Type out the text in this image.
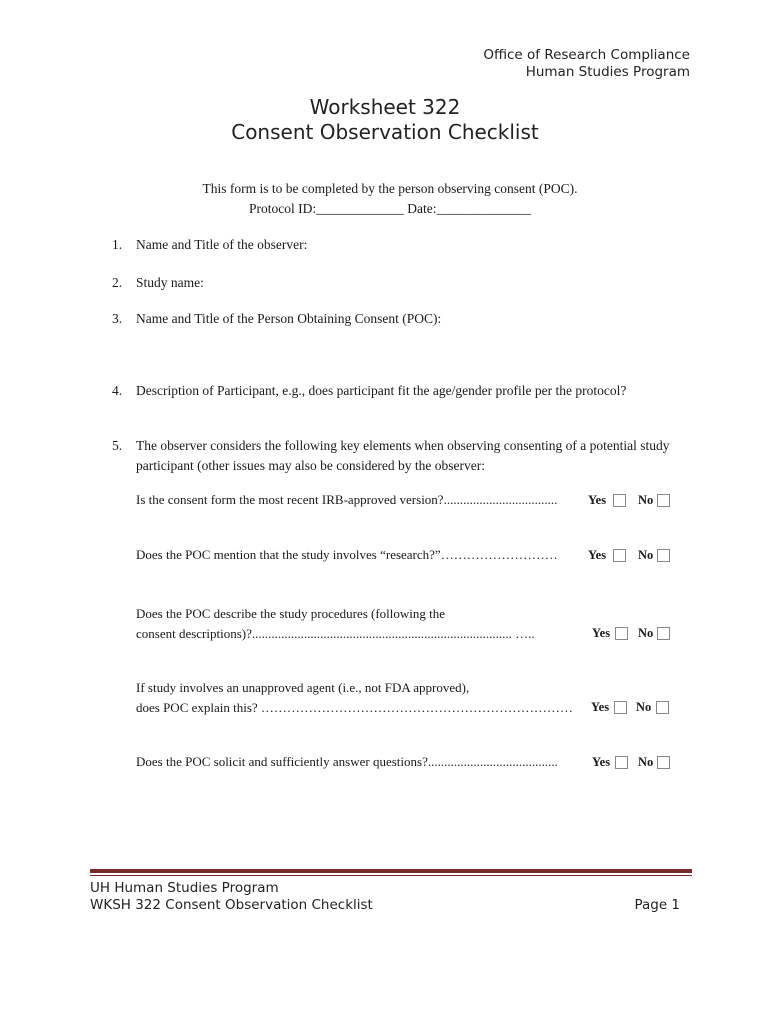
Office of Research Compliance
Human Studies Program
Worksheet 322
Consent Observation Checklist
This form is to be completed by the person observing consent (POC).
Protocol ID:_____________ Date:______________
1. Name and Title of the observer:
2. Study name:
3. Name and Title of the Person Obtaining Consent (POC):
4. Description of Participant, e.g., does participant fit the age/gender profile per the protocol?
5.	The observer considers the following key elements when observing consenting of a potential study participant (other issues may also be considered by the observer:
Is the consent form the most recent IRB-approved version?................................... Yes	No
Does the POC mention that the study involves “research?”……………………… Yes	No
Does the POC describe the study procedures (following the
consent descriptions)?................................................................................ …..	Yes No
If study involves an unapproved agent (i.e., not FDA approved),
does POC explain this? ……………………………………………………………… Yes No
Does the POC solicit and sufficiently answer questions?........................................	Yes No
UH Human Studies Program
WKSH 322 Consent Observation Checklist	Page 1
